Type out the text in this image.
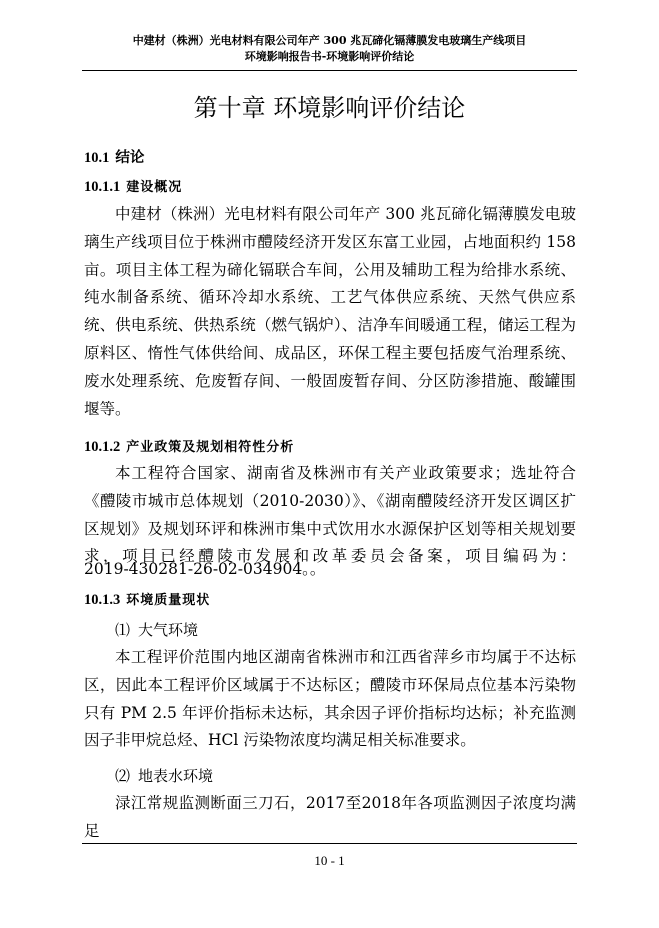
中建材（株洲）光电材料有限公司年产 300 兆瓦碲化镉薄膜发电玻璃生产线项目
环境影响报告书-环境影响评价结论
第十章 环境影响评价结论
10.1 结论
10.1.1 建设概况

中建材（株洲）光电材料有限公司年产 300 兆瓦碲化镉薄膜发电玻璃生产线项目位于株洲市醴陵经济开发区东富工业园，占地面积约 158 亩。项目主体工程为碲化镉联合车间，公用及辅助工程为给排水系统、纯水制备系统、循环冷却水系统、工艺气体供应系统、天然气供应系统、供电系统、供热系统（燃气锅炉）、洁净车间暖通工程，储运工程为原料区、惰性气体供给间、成品区，环保工程主要包括废气治理系统、废水处理系统、危废暂存间、一般固废暂存间、分区防渗措施、酸罐围堰等。

10.1.2 产业政策及规划相符性分析

本工程符合国家、湖南省及株洲市有关产业政策要求；选址符合《醴陵市城市总体规划（2010-2030）》、《湖南醴陵经济开发区调区扩区规划》及规划环评和株洲市集中式饮用水水源保护区划等相关规划要求，项目已经醴陵市发展和改革委员会备案，项目编码为：

2019-430281-26-02-034904。。

10.1.3 环境质量现状

⑴ 大气环境

本工程评价范围内地区湖南省株洲市和江西省萍乡市均属于不达标区，因此本工程评价区域属于不达标区；醴陵市环保局点位基本污染物只有 PM 2.5 年评价指标未达标，其余因子评价指标均达标；补充监测因子非甲烷总烃、HCl 污染物浓度均满足相关标准要求。

⑵ 地表水环境

渌江常规监测断面三刀石，2017至2018年各项监测因子浓度均满足

10 - 1
